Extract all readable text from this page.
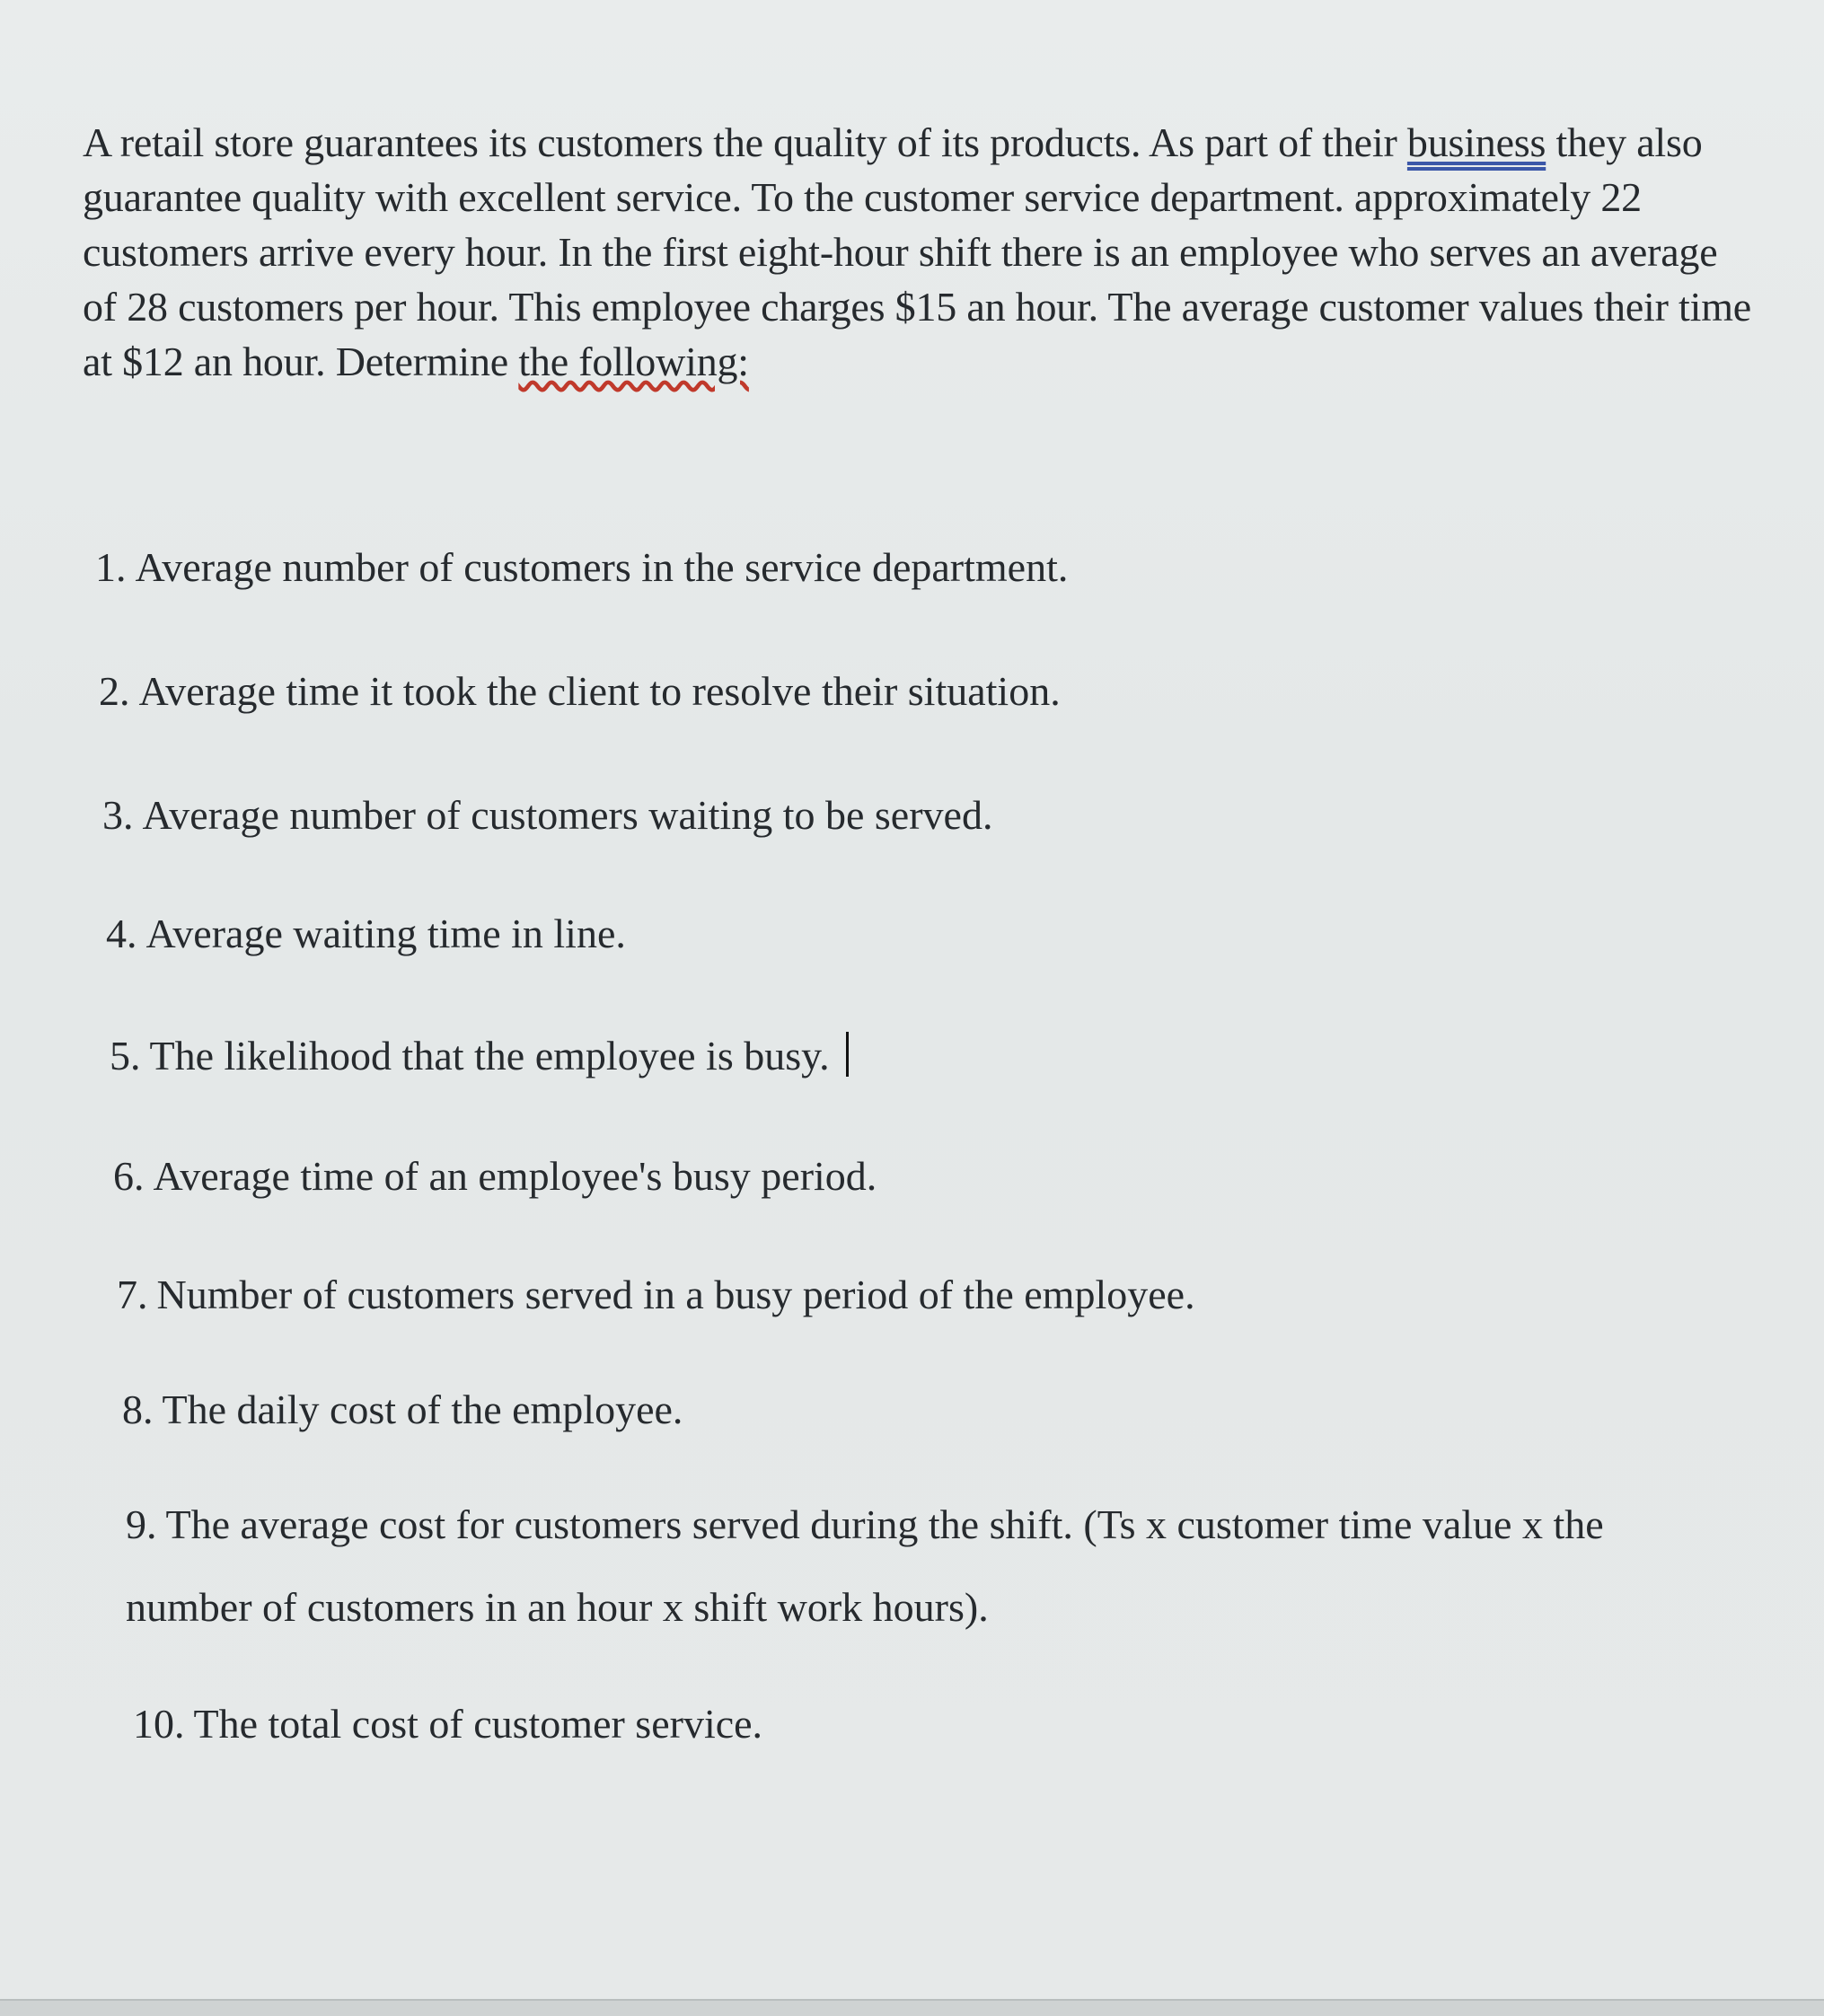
A retail store guarantees its customers the quality of its products. As part of their business they also guarantee quality with excellent service. To the customer service department. approximately 22 customers arrive every hour. In the first eight-hour shift there is an employee who serves an average of 28 customers per hour. This employee charges $15 an hour. The average customer values their time at $12 an hour. Determine the following:

1. Average number of customers in the service department.
2. Average time it took the client to resolve their situation.
3. Average number of customers waiting to be served.
4. Average waiting time in line.
5. The likelihood that the employee is busy.
6. Average time of an employee's busy period.
7. Number of customers served in a busy period of the employee.
8. The daily cost of the employee.
9. The average cost for customers served during the shift. (Ts x customer time value x the number of customers in an hour x shift work hours).
10. The total cost of customer service.
